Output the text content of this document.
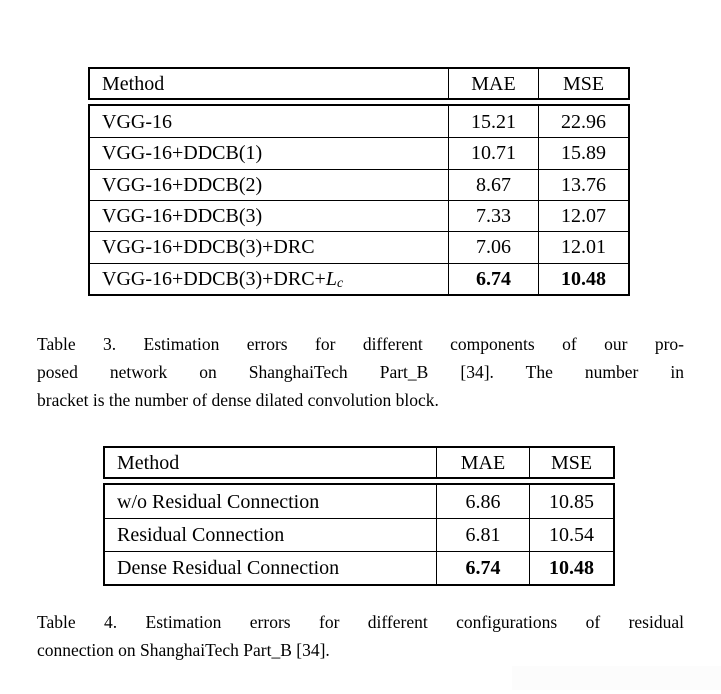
Method	MAE	MSE
VGG-16	15.21	22.96
VGG-16+DDCB(1)	10.71	15.89
VGG-16+DDCB(2)	8.67	13.76
VGG-16+DDCB(3)	7.33	12.07
VGG-16+DDCB(3)+DRC	7.06	12.01
VGG-16+DDCB(3)+DRC+ L c	6.74	10.48
Table 3. Estimation errors for different components of our pro-
posed network on ShanghaiTech Part_B [34]. The number in
bracket is the number of dense dilated convolution block.
Method	MAE	MSE
w/o Residual Connection	6.86	10.85
Residual Connection	6.81	10.54
Dense Residual Connection	6.74	10.48
Table 4. Estimation errors for different configurations of residual
connection on ShanghaiTech Part_B [34].
